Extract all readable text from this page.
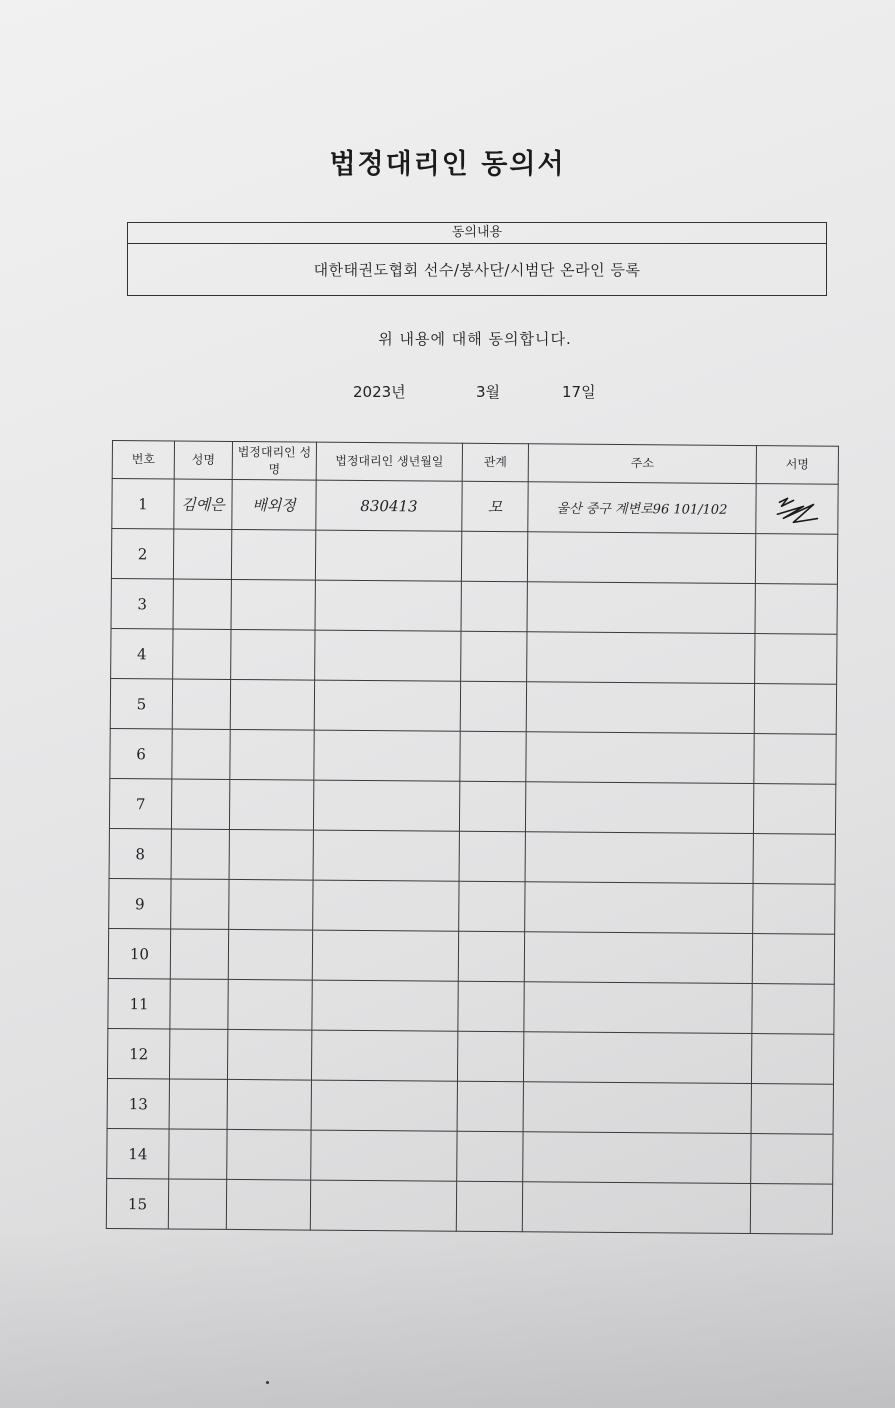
법정대리인 동의서
동의내용
대한태권도협회 선수/봉사단/시범단 온라인 등록
위 내용에 대해 동의합니다.
2023년	3월	17일
번호	성명	법정대리인 성명	법정대리인 생년월일	관계	주소	서명
1	김예은	배외정	830413	모	울산 중구 계변로96 101/102	

2						
3						
4						
5						
6						
7						
8						
9						
10						
11						
12						
13						
14						
15						
